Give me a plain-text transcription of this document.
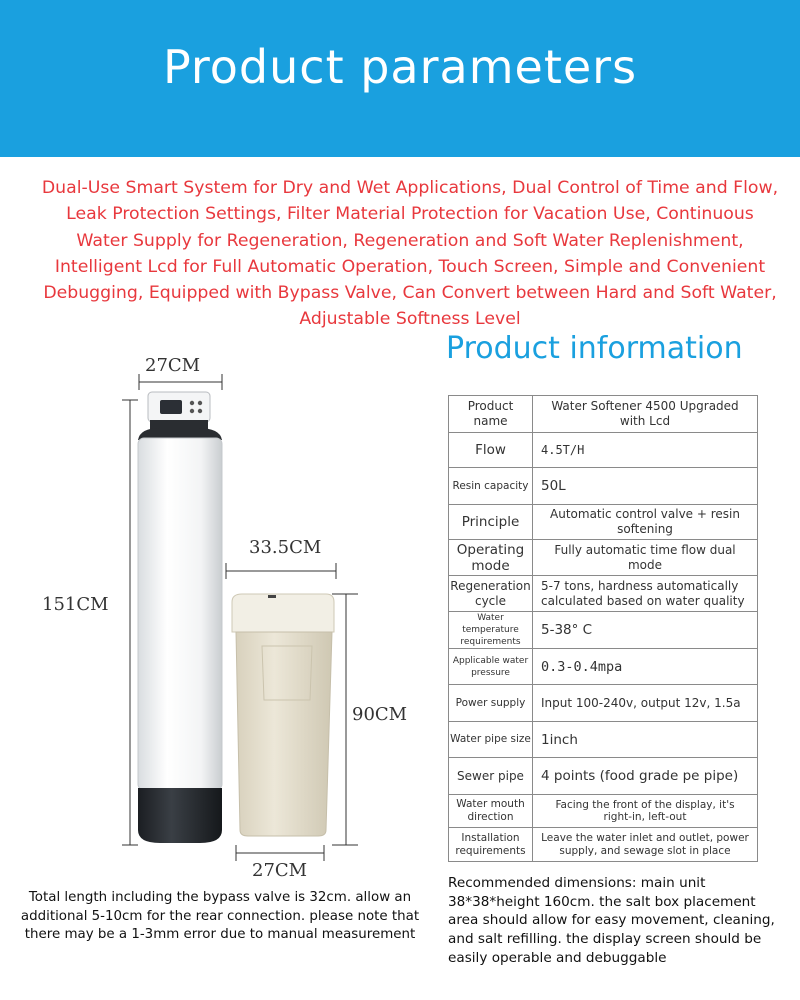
Product parameters
Dual-Use Smart System for Dry and Wet Applications, Dual Control of Time and Flow, Leak Protection Settings, Filter Material Protection for Vacation Use, Continuous Water Supply for Regeneration, Regeneration and Soft Water Replenishment, Intelligent Lcd for Full Automatic Operation, Touch Screen, Simple and Convenient Debugging, Equipped with Bypass Valve, Can Convert between Hard and Soft Water, Adjustable Softness Level
Product information
27CM
151CM
33.5CM
90CM
27CM
Total length including the bypass valve is 32cm. allow an additional 5-10cm for the rear connection. please note that there may be a 1-3mm error due to manual measurement
Product name	Water Softener 4500 Upgraded with Lcd
Flow	4.5T/H
Resin capacity	50L
Principle	Automatic control valve + resin softening
Operating mode	Fully automatic time flow dual mode
Regeneration cycle	5-7 tons, hardness automatically calculated based on water quality
Water temperature requirements	5-38° C
Applicable water pressure	0.3-0.4mpa
Power supply	Input 100-240v, output 12v, 1.5a
Water pipe size	1inch
Sewer pipe	4 points (food grade pe pipe)
Water mouth direction	Facing the front of the display, it's right-in, left-out
Installation requirements	Leave the water inlet and outlet, power supply, and sewage slot in place
Recommended dimensions: main unit 38*38*height 160cm. the salt box placement area should allow for easy movement, cleaning, and salt refilling. the display screen should be easily operable and debuggable
